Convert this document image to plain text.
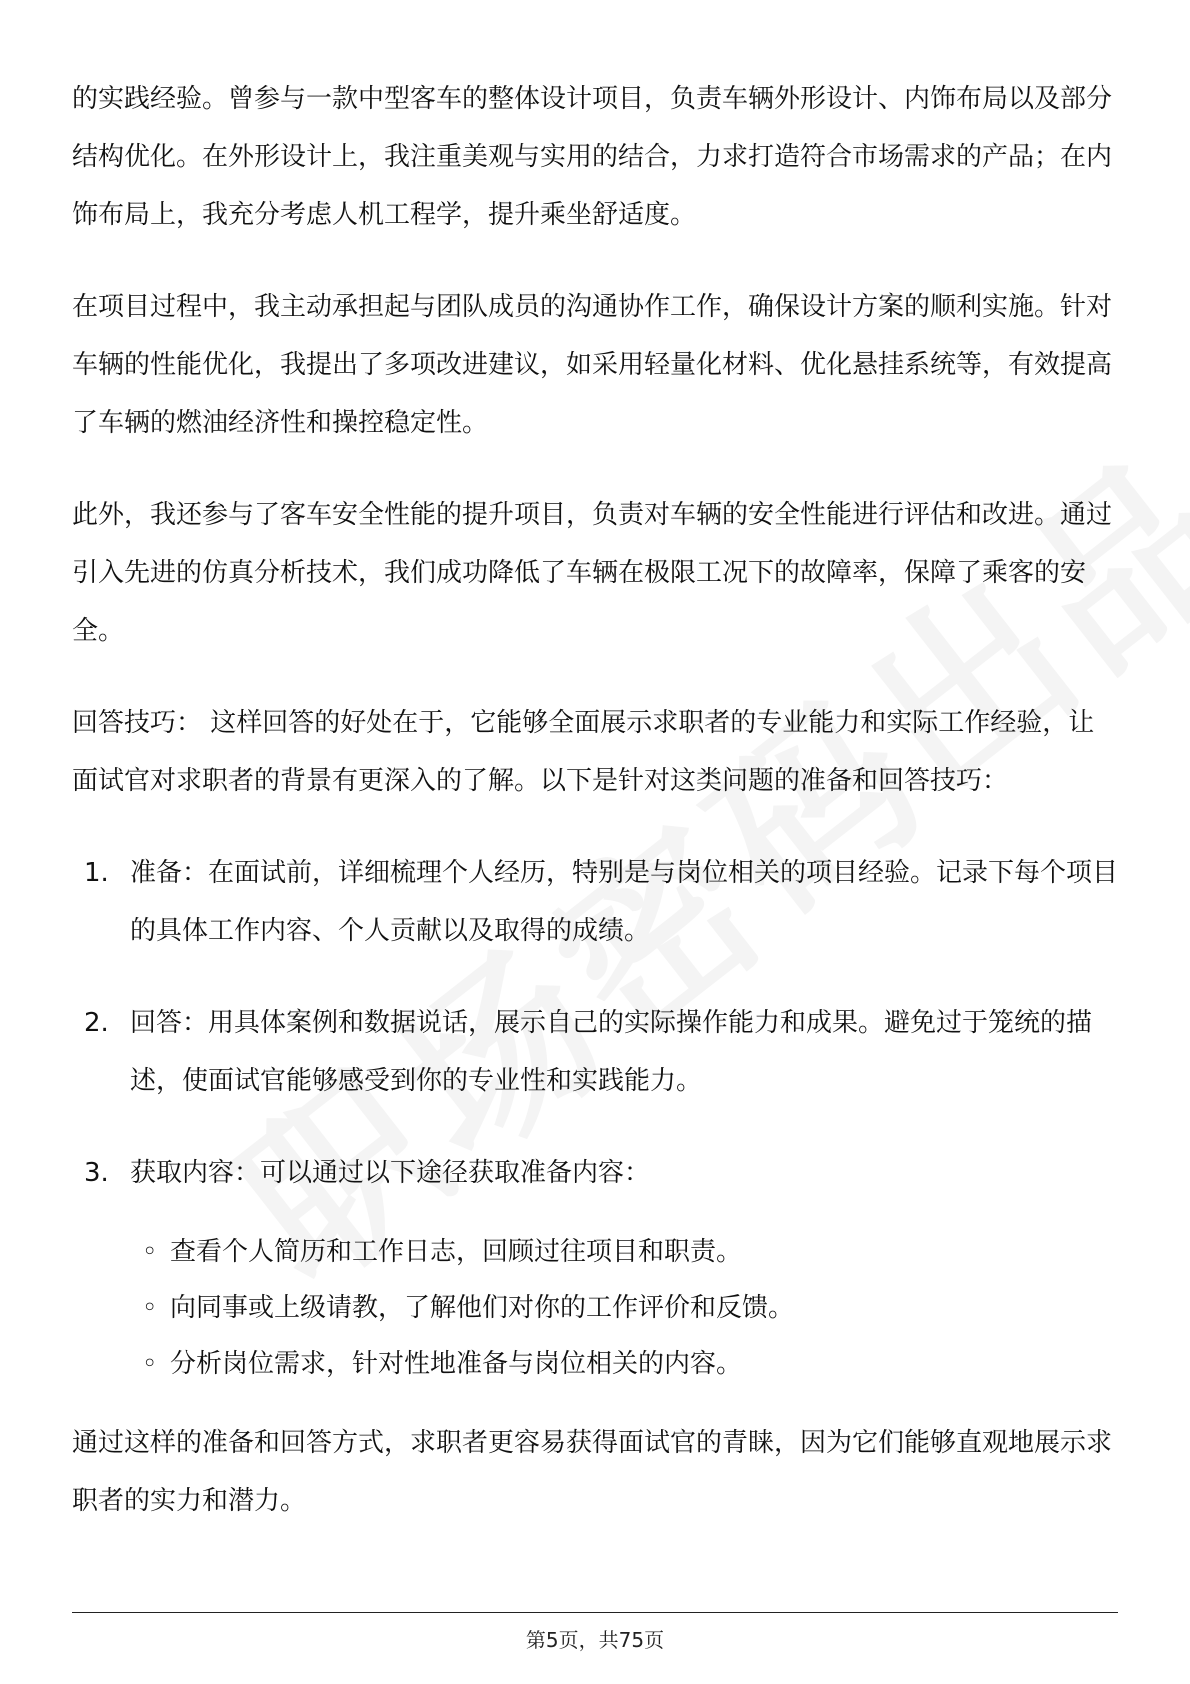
的实践经验。曾参与一款中型客车的整体设计项目，负责车辆外形设计、内饰布局以及部分结构优化。在外形设计上，我注重美观与实用的结合，力求打造符合市场需求的产品；在内饰布局上，我充分考虑人机工程学，提升乘坐舒适度。

在项目过程中，我主动承担起与团队成员的沟通协作工作，确保设计方案的顺利实施。针对车辆的性能优化，我提出了多项改进建议，如采用轻量化材料、优化悬挂系统等，有效提高了车辆的燃油经济性和操控稳定性。

此外，我还参与了客车安全性能的提升项目，负责对车辆的安全性能进行评估和改进。通过引入先进的仿真分析技术，我们成功降低了车辆在极限工况下的故障率，保障了乘客的安全。

回答技巧： 这样回答的好处在于，它能够全面展示求职者的专业能力和实际工作经验，让面试官对求职者的背景有更深入的了解。以下是针对这类问题的准备和回答技巧：

1. 准备：在面试前，详细梳理个人经历，特别是与岗位相关的项目经验。记录下每个项目的具体工作内容、个人贡献以及取得的成绩。
2. 回答：用具体案例和数据说话，展示自己的实际操作能力和成果。避免过于笼统的描述，使面试官能够感受到你的专业性和实践能力。
3. 获取内容：可以通过以下途径获取准备内容：
◦ 查看个人简历和工作日志，回顾过往项目和职责。
◦ 向同事或上级请教，了解他们对你的工作评价和反馈。
◦ 分析岗位需求，针对性地准备与岗位相关的内容。

通过这样的准备和回答方式，求职者更容易获得面试官的青睐，因为它们能够直观地展示求职者的实力和潜力。

第5页，共75页
